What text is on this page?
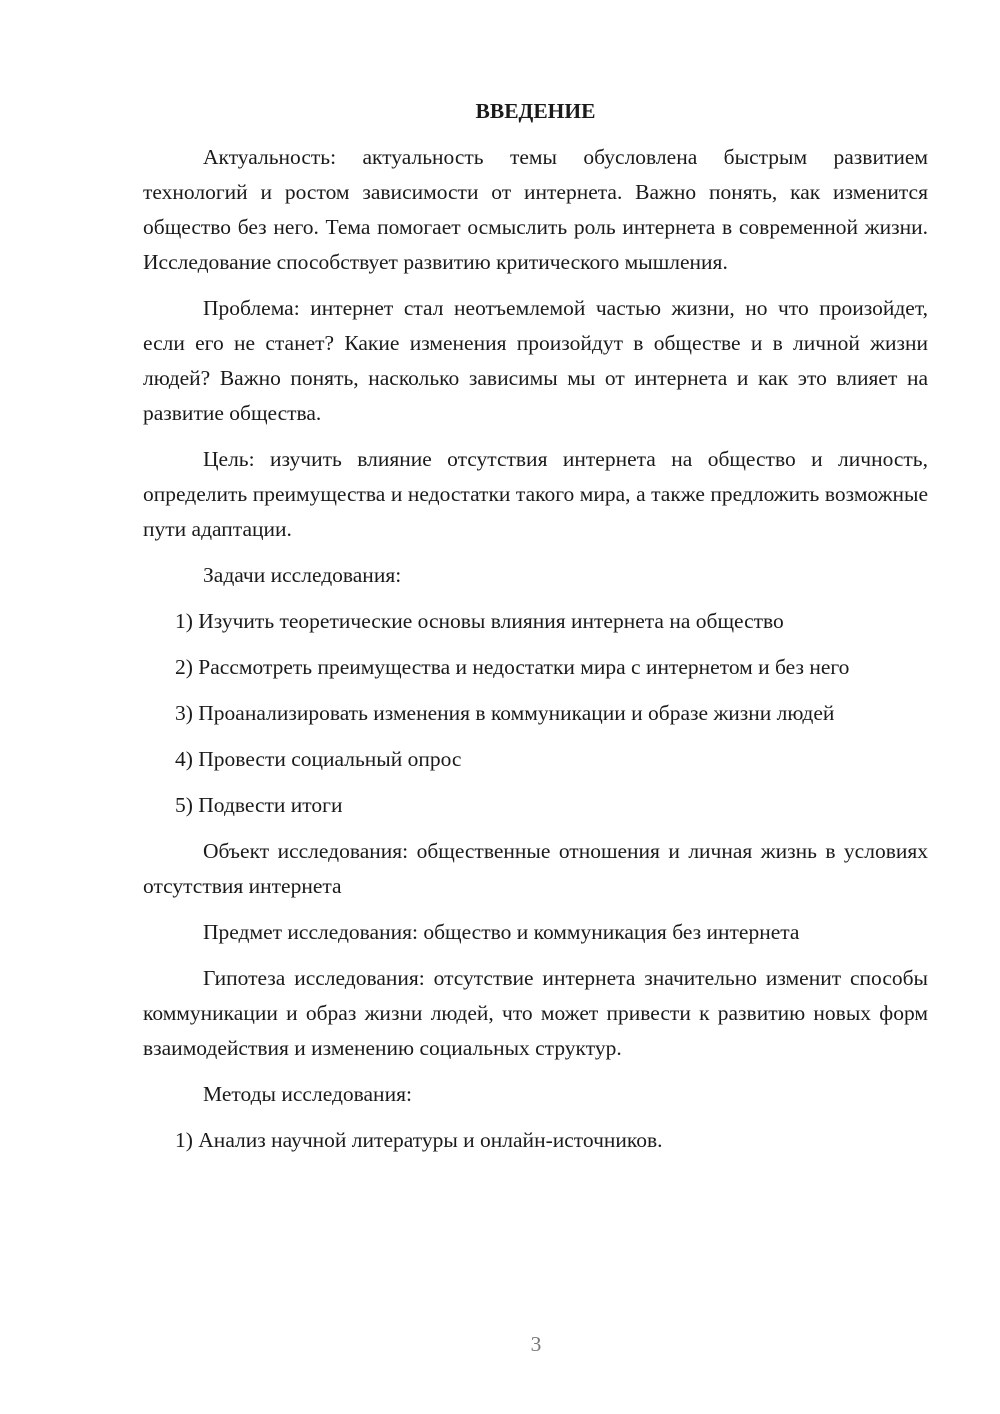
ВВЕДЕНИЕ
Актуальность: актуальность темы обусловлена быстрым развитием технологий и ростом зависимости от интернета. Важно понять, как изменится общество без него. Тема помогает осмыслить роль интернета в современной жизни. Исследование способствует развитию критического мышления.
Проблема: интернет стал неотъемлемой частью жизни, но что произойдет, если его не станет? Какие изменения произойдут в обществе и в личной жизни людей? Важно понять, насколько зависимы мы от интернета и как это влияет на развитие общества.
Цель: изучить влияние отсутствия интернета на общество и личность, определить преимущества и недостатки такого мира, а также предложить возможные пути адаптации.
Задачи исследования:
1) Изучить теоретические основы влияния интернета на общество
2) Рассмотреть преимущества и недостатки мира с интернетом и без него
3) Проанализировать изменения в коммуникации и образе жизни людей
4) Провести социальный опрос
5) Подвести итоги
Объект исследования: общественные отношения и личная жизнь в условиях отсутствия интернета
Предмет исследования: общество и коммуникация без интернета
Гипотеза исследования: отсутствие интернета значительно изменит способы коммуникации и образ жизни людей, что может привести к развитию новых форм взаимодействия и изменению социальных структур.
Методы исследования:
1) Анализ научной литературы и онлайн-источников.
3
